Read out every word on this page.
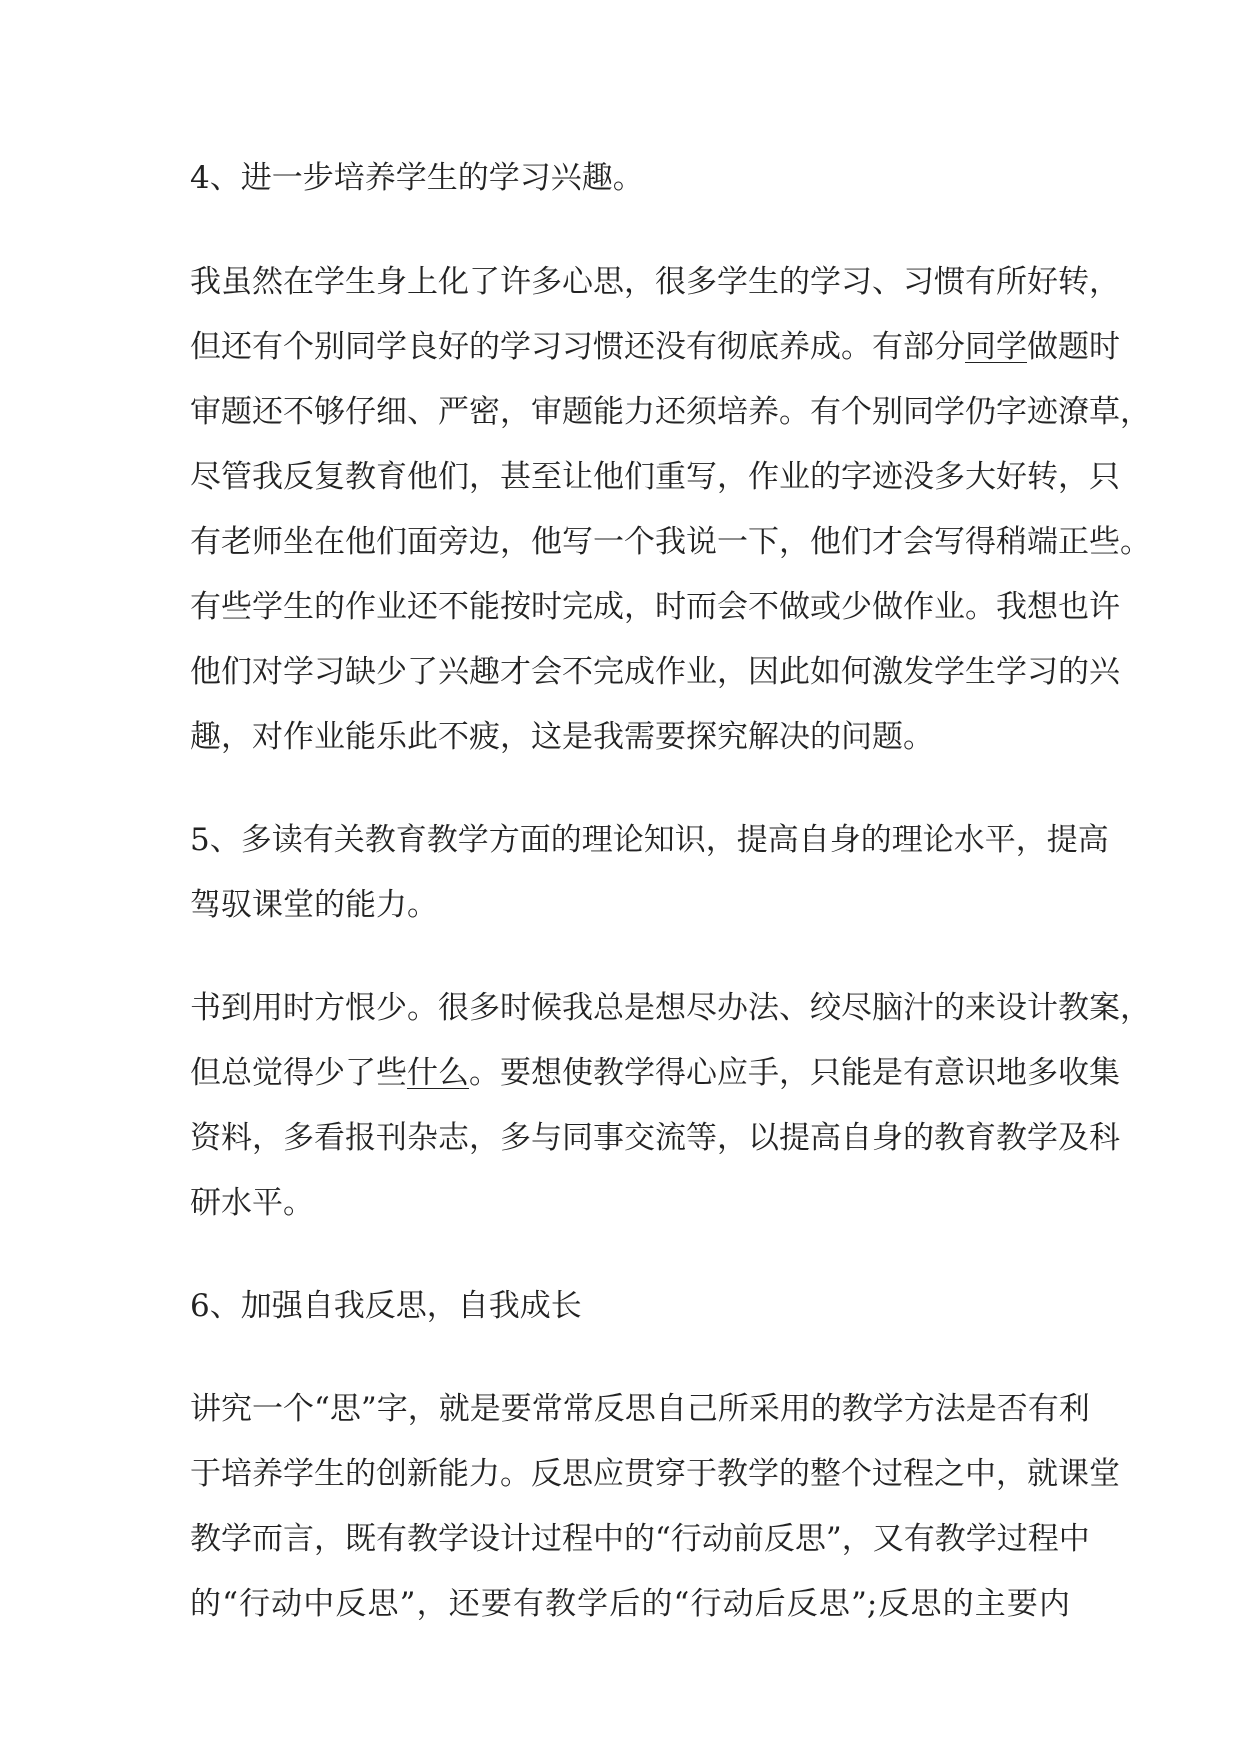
4、进一步培养学生的学习兴趣。
我虽然在学生身上化了许多心思，很多学生的学习、习惯有所好转，
但还有个别同学良好的学习习惯还没有彻底养成。有部分同学做题时
审题还不够仔细、严密，审题能力还须培养。有个别同学仍字迹潦草，
尽管我反复教育他们，甚至让他们重写，作业的字迹没多大好转，只
有老师坐在他们面旁边，他写一个我说一下，他们才会写得稍端正些。
有些学生的作业还不能按时完成，时而会不做或少做作业。我想也许
他们对学习缺少了兴趣才会不完成作业，因此如何激发学生学习的兴
趣，对作业能乐此不疲，这是我需要探究解决的问题。
5、多读有关教育教学方面的理论知识，提高自身的理论水平，提高
驾驭课堂的能力。
书到用时方恨少。很多时候我总是想尽办法、绞尽脑汁的来设计教案，
但总觉得少了些什么。要想使教学得心应手，只能是有意识地多收集
资料，多看报刊杂志，多与同事交流等，以提高自身的教育教学及科
研水平。
6、加强自我反思，自我成长
讲究一个“思”字，就是要常常反思自己所采用的教学方法是否有利
于培养学生的创新能力。反思应贯穿于教学的整个过程之中，就课堂
教学而言，既有教学设计过程中的“行动前反思”，又有教学过程中
的“行动中反思”，还要有教学后的“行动后反思”;反思的主要内
